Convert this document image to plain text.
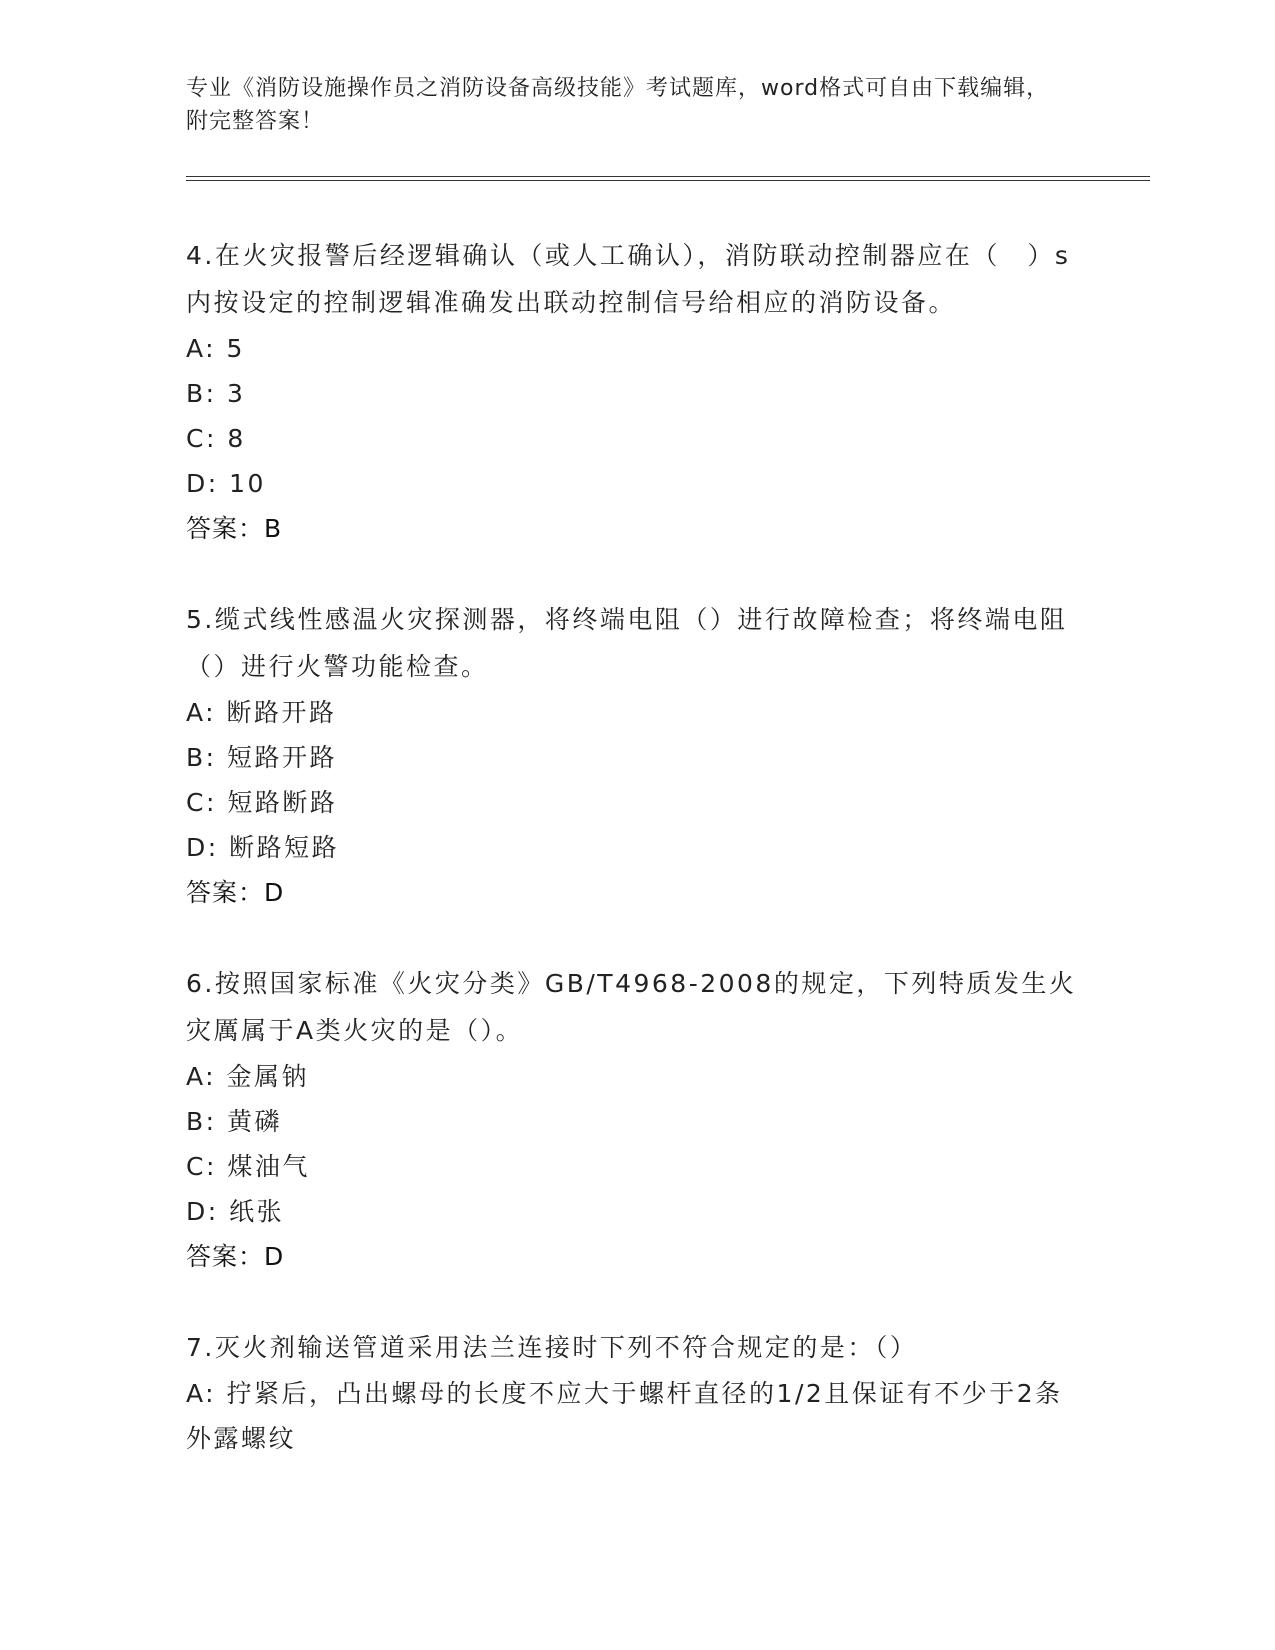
专业《消防设施操作员之消防设备高级技能》考试题库，word格式可自由下载编辑，附完整答案！
4.在火灾报警后经逻辑确认（或人工确认），消防联动控制器应在（　）s内按设定的控制逻辑准确发出联动控制信号给相应的消防设备。
A: 5
B: 3
C: 8
D: 10
答案：B
5.缆式线性感温火灾探测器，将终端电阻（）进行故障检查；将终端电阻（）进行火警功能检查。
A: 断路开路
B: 短路开路
C: 短路断路
D: 断路短路
答案：D
6.按照国家标准《火灾分类》GB/T4968-2008的规定，下列特质发生火灾厲属于A类火灾的是（）。
A: 金属钠
B: 黄磷
C: 煤油气
D: 纸张
答案：D
7.灭火剂输送管道采用法兰连接时下列不符合规定的是：（）
A: 拧紧后，凸出螺母的长度不应大于螺杆直径的1/2且保证有不少于2条外露螺纹
